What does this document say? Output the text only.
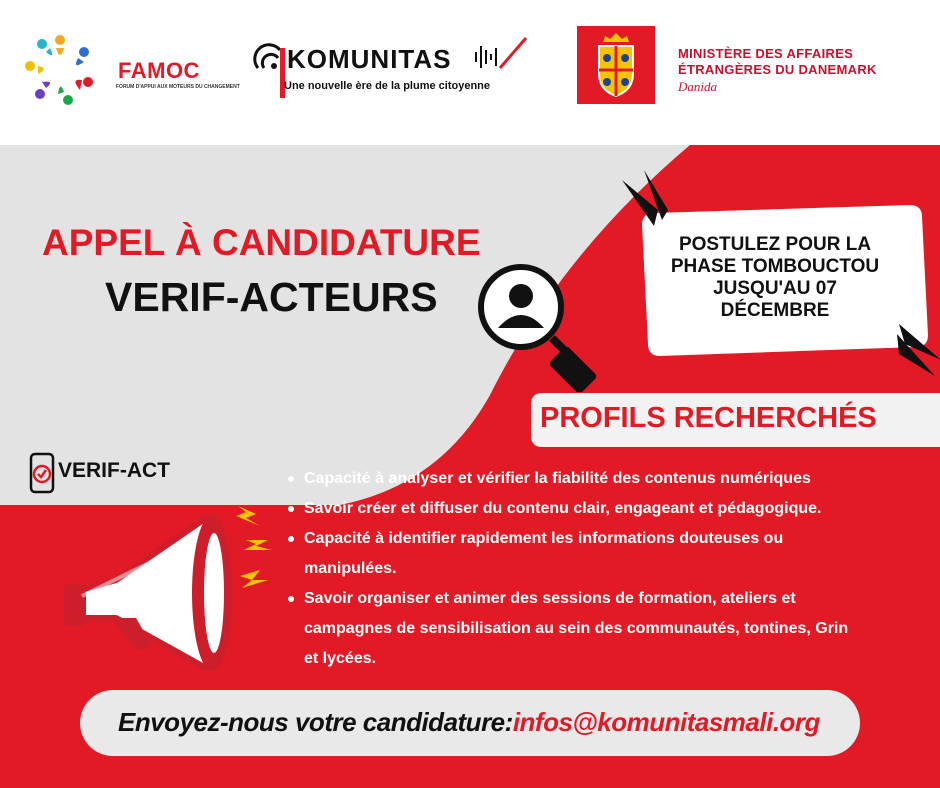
FAMOC
FORUM D'APPUI AUX MOTEURS DU CHANGEMENT
KOMUNITAS
Une nouvelle ère de la plume citoyenne
MINISTÈRE DES AFFAIRES
ÉTRANGÈRES DU DANEMARK
Danida
APPEL À CANDIDATURE
VERIF-ACTEURS
POSTULEZ POUR LA
PHASE TOMBOUCTOU
JUSQU'AU 07
DÉCEMBRE
PROFILS RECHERCHÉS
VERIF-ACT	Capacité à analyser et vérifier la fiabilité des contenus numériques
Savoir créer et diffuser du contenu clair, engageant et pédagogique.
Capacité à identifier rapidement les informations douteuses ou
manipulées.
Savoir organiser et animer des sessions de formation, ateliers et
campagnes de sensibilisation au sein des communautés, tontines, Grin
et lycées.
Envoyez-nous votre candidature:infos@komunitasmali.org
